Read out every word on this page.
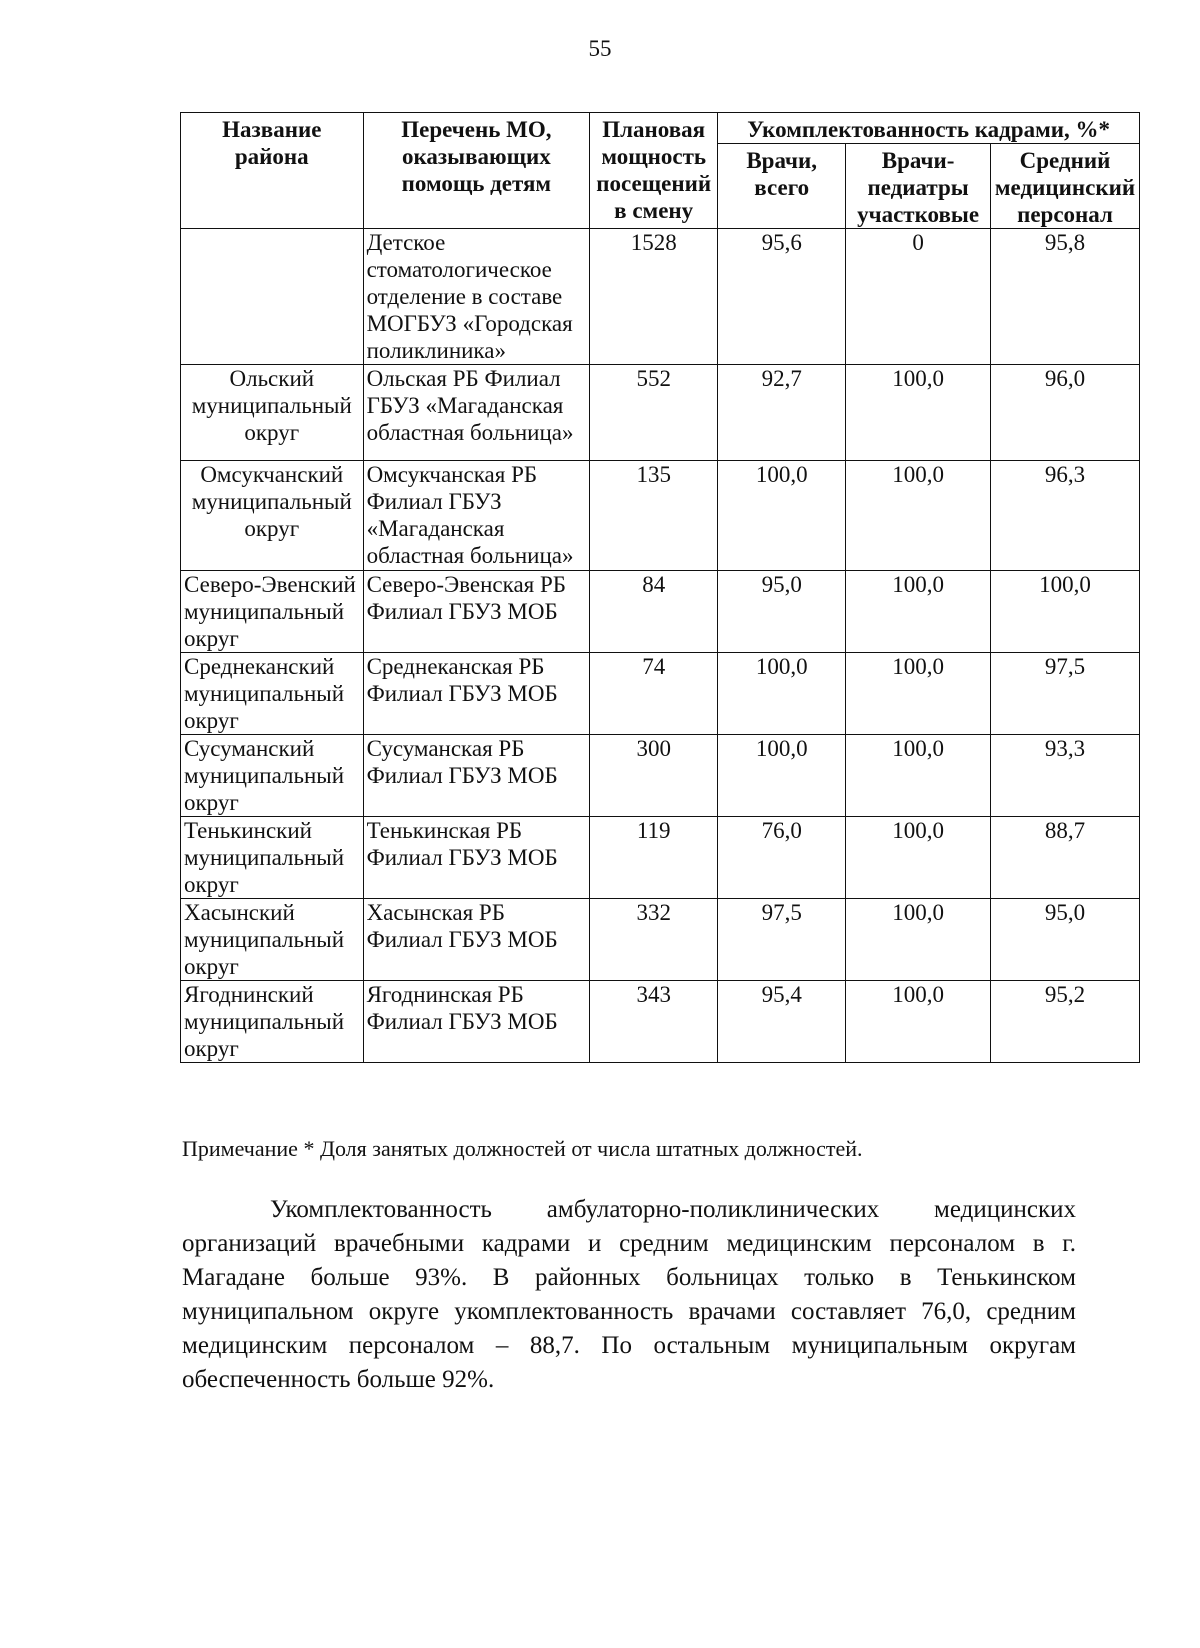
55
Название района	Перечень МО, оказывающих помощь детям	Плановая мощность посещений в смену	Укомплектованность кадрами, %*		
			Врачи, всего	Врачи-педиатры участковые	Средний медицинский персонал
	Детское стоматологическое отделение в составе МОГБУЗ «Городская поликлиника»	1528	95,6	0	95,8
Ольский муниципальный округ	Ольская РБ Филиал ГБУЗ «Магаданская областная больница»	552	92,7	100,0	96,0
Омсукчанский муниципальный округ	Омсукчанская РБ Филиал ГБУЗ «Магаданская областная больница»	135	100,0	100,0	96,3
Северо-Эвенский муниципальный округ	Северо-Эвенская РБ Филиал ГБУЗ МОБ	84	95,0	100,0	100,0
Среднеканский муниципальный округ	Среднеканская РБ Филиал ГБУЗ МОБ	74	100,0	100,0	97,5
Сусуманский муниципальный округ	Сусуманская РБ Филиал ГБУЗ МОБ	300	100,0	100,0	93,3
Тенькинский муниципальный округ	Тенькинская РБ Филиал ГБУЗ МОБ	119	76,0	100,0	88,7
Хасынский муниципальный округ	Хасынская РБ Филиал ГБУЗ МОБ	332	97,5	100,0	95,0
Ягоднинский муниципальный округ	Ягоднинская РБ Филиал ГБУЗ МОБ	343	95,4	100,0	95,2
Примечание * Доля занятых должностей от числа штатных должностей.

Укомплектованность амбулаторно-поликлинических медицинских организаций врачебными кадрами и средним медицинским персоналом в г. Магадане больше 93%. В районных больницах только в Тенькинском муниципальном округе укомплектованность врачами составляет 76,0, средним медицинским персоналом – 88,7. По остальным муниципальным округам обеспеченность больше 92%.
